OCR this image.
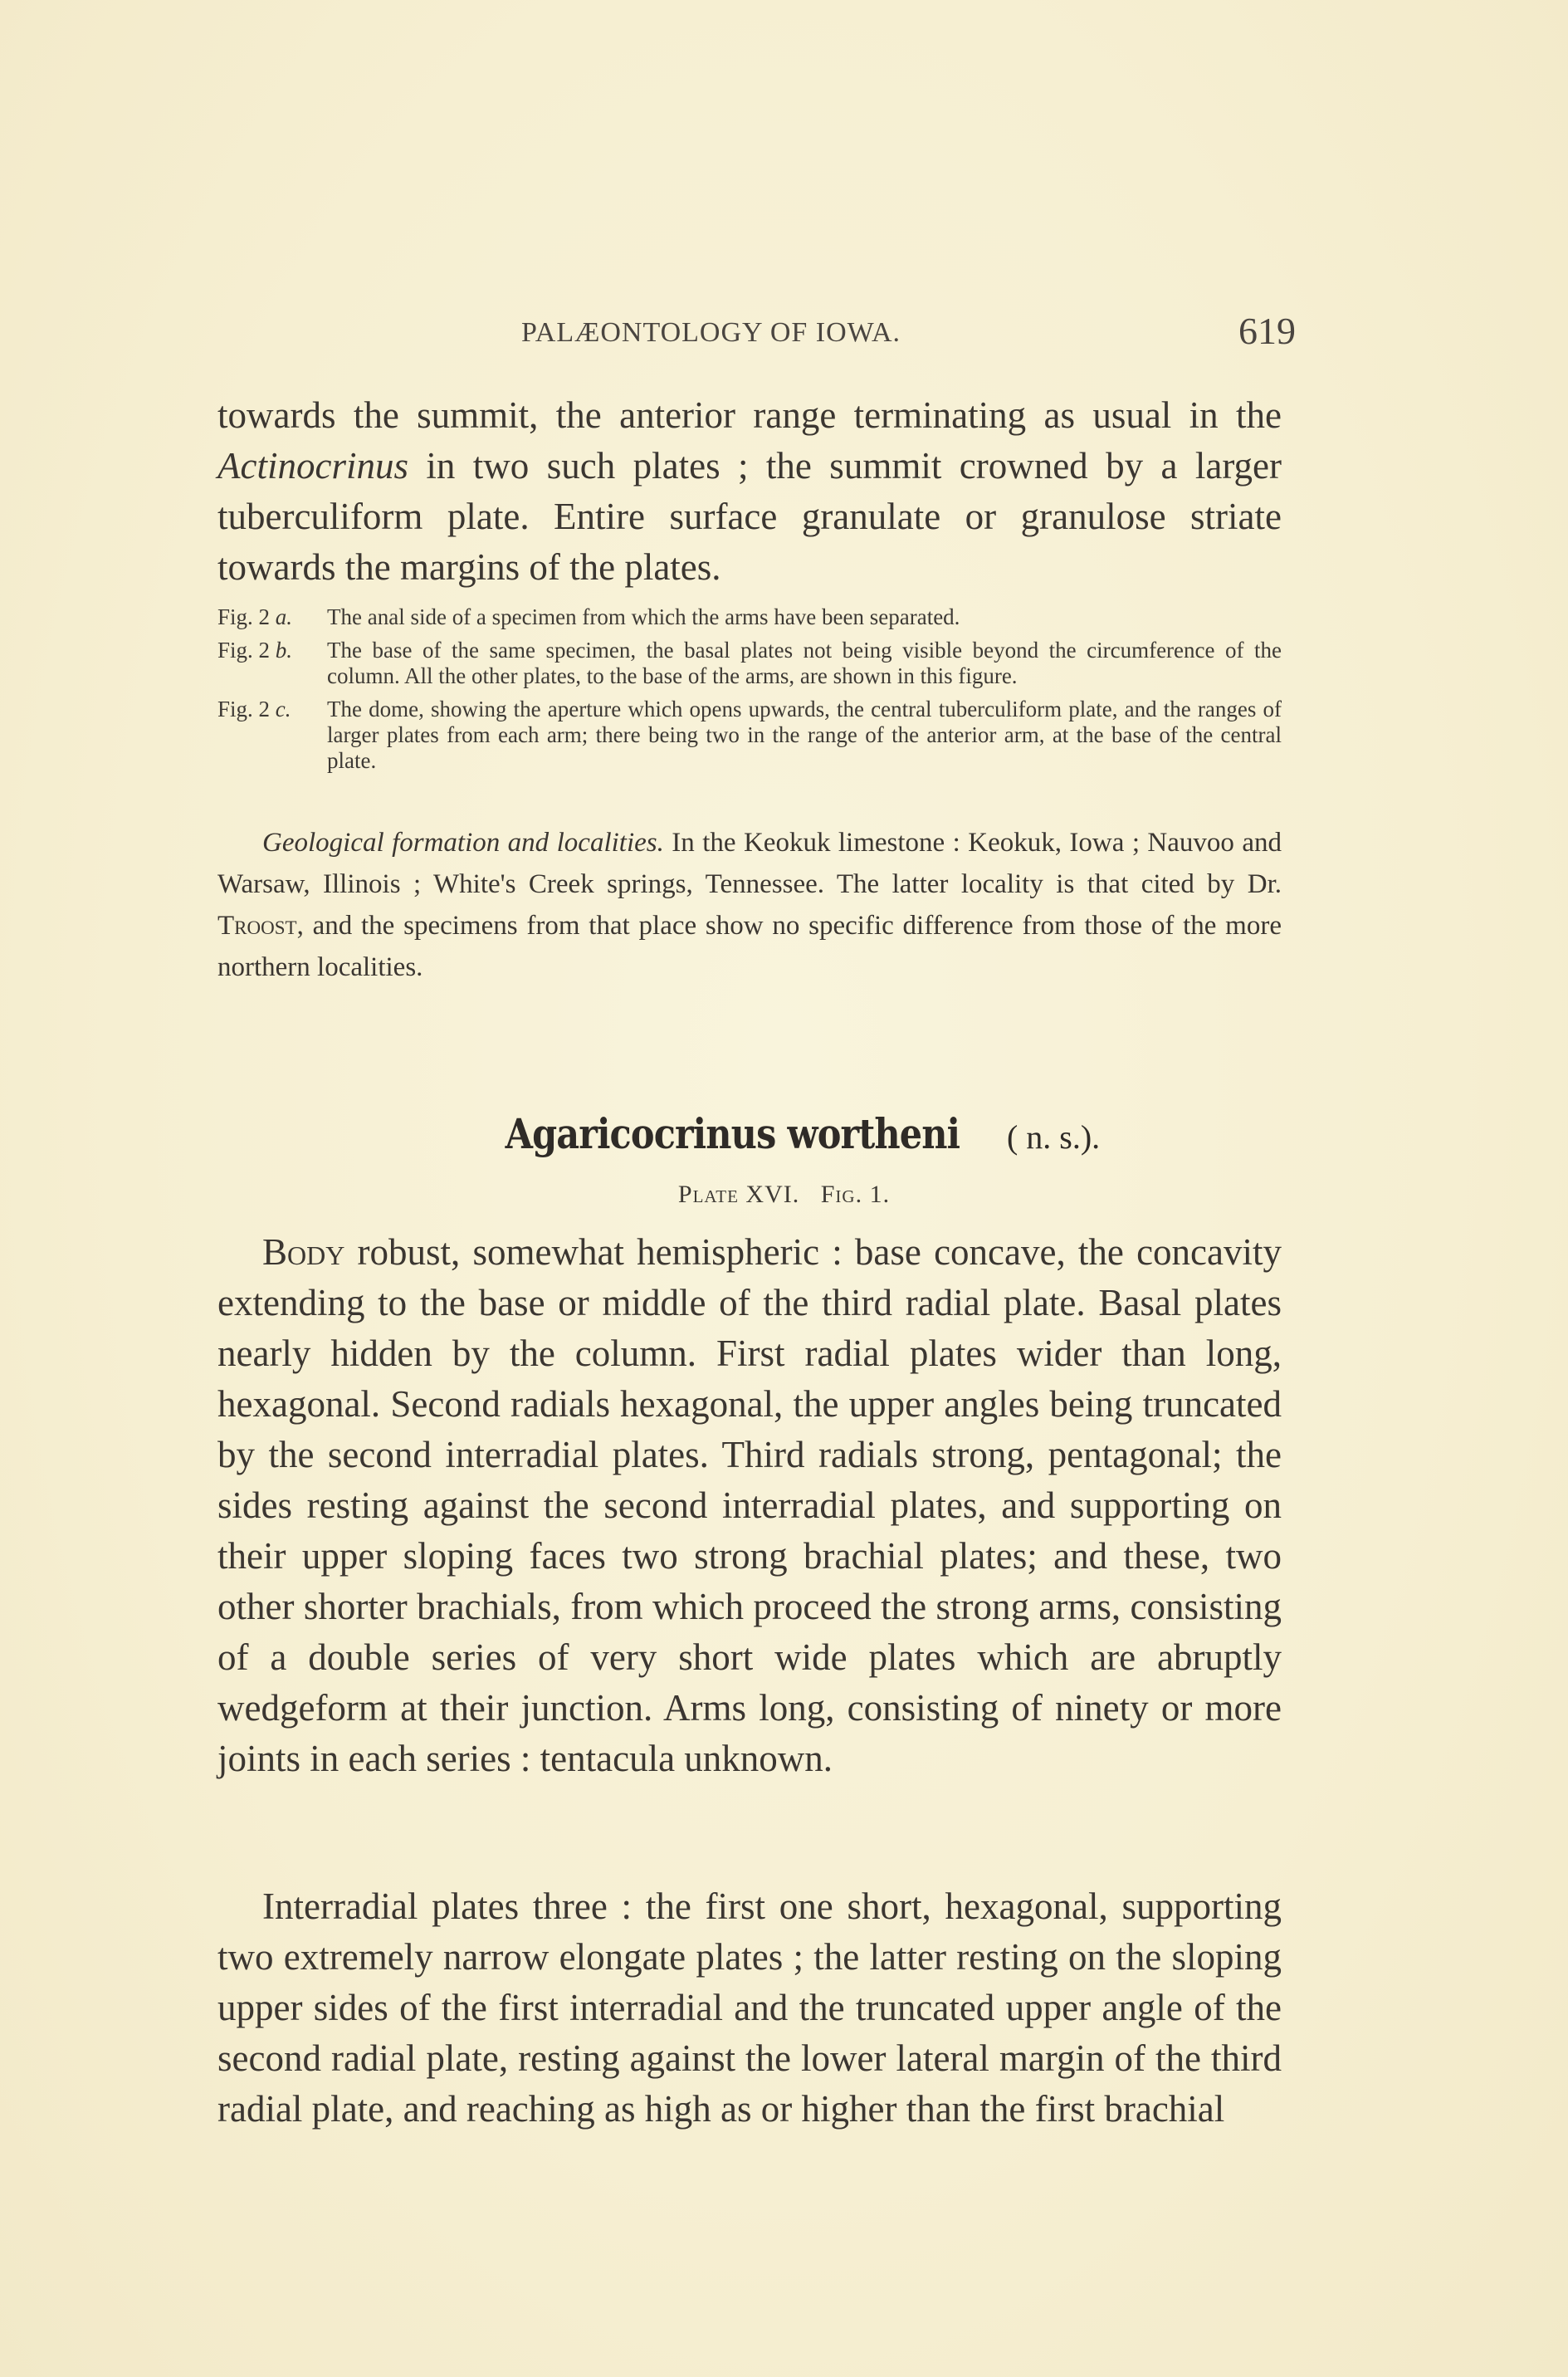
PALÆONTOLOGY OF IOWA.	619

towards the summit, the anterior range terminating as usual in the Actinocrinus in two such plates ; the summit crowned by a larger tuberculiform plate. Entire surface granulate or granulose striate towards the margins of the plates.

Fig. 2 a.	The anal side of a specimen from which the arms have been separated.
Fig. 2 b.	The base of the same specimen, the basal plates not being visible beyond the circumference of the column. All the other plates, to the base of the arms, are shown in this figure.
Fig. 2 c.	The dome, showing the aperture which opens upwards, the central tuberculiform plate, and the ranges of larger plates from each arm; there being two in the range of the anterior arm, at the base of the central plate.

Geological formation and localities. In the Keokuk limestone : Keokuk, Iowa ; Nauvoo and Warsaw, Illinois ; White's Creek springs, Tennessee. The latter locality is that cited by Dr. Troost, and the specimens from that place show no specific difference from those of the more northern localities.

Agaricocrinus wortheni ( n. s.).
Plate XVI. Fig. 1.

Body robust, somewhat hemispheric : base concave, the concavity extending to the base or middle of the third radial plate. Basal plates nearly hidden by the column. First radial plates wider than long, hexagonal. Second radials hexagonal, the upper angles being truncated by the second interradial plates. Third radials strong, pentagonal; the sides resting against the second interradial plates, and supporting on their upper sloping faces two strong brachial plates; and these, two other shorter brachials, from which proceed the strong arms, consisting of a double series of very short wide plates which are abruptly wedgeform at their junction. Arms long, consisting of ninety or more joints in each series : tentacula unknown.

Interradial plates three : the first one short, hexagonal, supporting two extremely narrow elongate plates ; the latter resting on the sloping upper sides of the first interradial and the truncated upper angle of the second radial plate, resting against the lower lateral margin of the third radial plate, and reaching as high as or higher than the first brachial
